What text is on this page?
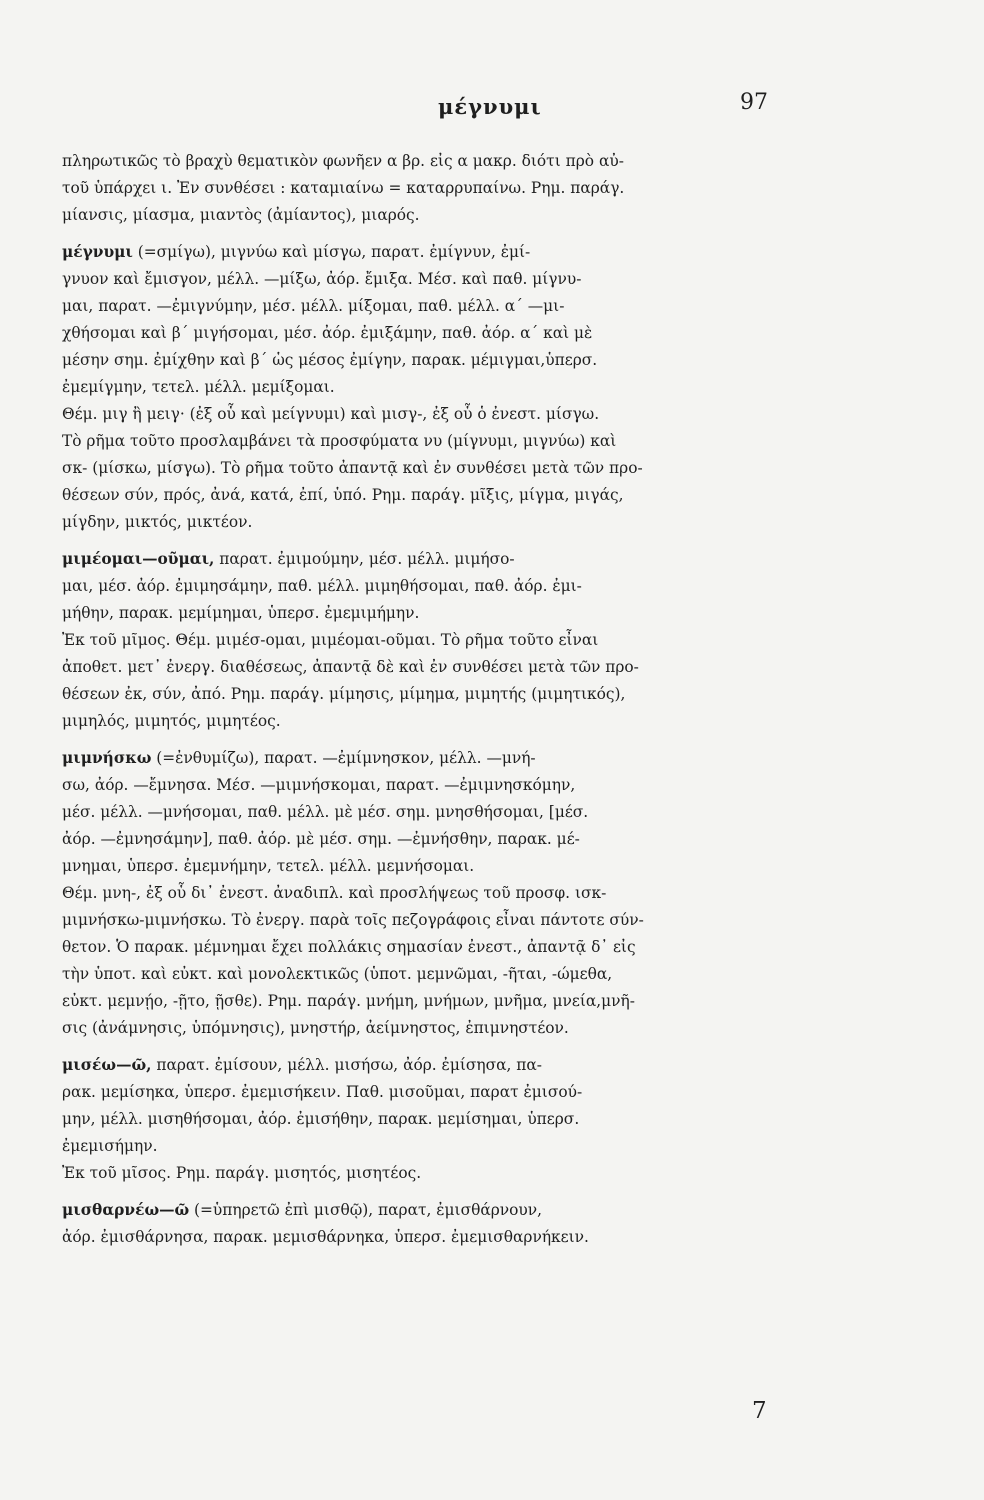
μέγνυμι	97
πληρωτικῶς τὸ βραχὺ θεματικὸν φωνῆεν α βρ. εἰς α μακρ. διότι πρὸ αὐ-
τοῦ ὑπάρχει ι. Ἐν συνθέσει : καταμιαίνω = καταρρυπαίνω. Ρημ. παράγ.
μίανσις, μίασμα, μιαντὸς (ἀμίαντος), μιαρός.
μέγνυμι (=σμίγω), μιγνύω καὶ μίσγω, παρατ. ἐμίγνυν, ἐμί-
γνυον καὶ ἔμισγον, μέλλ. —μίξω, ἀόρ. ἔμιξα. Μέσ. καὶ παθ. μίγνυ-
μαι, παρατ. —ἐμιγνύμην, μέσ. μέλλ. μίξομαι, παθ. μέλλ. α΄ —μι-
χθήσομαι καὶ β΄ μιγήσομαι, μέσ. ἀόρ. ἐμιξάμην, παθ. ἀόρ. α΄ καὶ μὲ
μέσην σημ. ἐμίχθην καὶ β΄ ὡς μέσος ἐμίγην, παρακ. μέμιγμαι,ὑπερσ.
ἐμεμίγμην, τετελ. μέλλ. μεμίξομαι.
Θέμ. μιγ ἢ μειγ· (ἐξ οὗ καὶ μείγνυμι) καὶ μισγ-, ἐξ οὗ ὁ ἐνεστ. μίσγω.
Τὸ ρῆμα τοῦτο προσλαμβάνει τὰ προσφύματα νυ (μίγνυμι, μιγνύω) καὶ
σκ- (μίσκω, μίσγω). Τὸ ρῆμα τοῦτο ἀπαντᾷ καὶ ἐν συνθέσει μετὰ τῶν προ-
θέσεων σύν, πρός, ἀνά, κατά, ἐπί, ὑπό. Ρημ. παράγ. μῖξις, μίγμα, μιγάς,
μίγδην, μικτός, μικτέον.
μιμέομαι—οῦμαι, παρατ. ἐμιμούμην, μέσ. μέλλ. μιμήσο-
μαι, μέσ. ἀόρ. ἐμιμησάμην, παθ. μέλλ. μιμηθήσομαι, παθ. ἀόρ. ἐμι-
μήθην, παρακ. μεμίμημαι, ὑπερσ. ἐμεμιμήμην.
Ἐκ τοῦ μῖμος. Θέμ. μιμέσ-ομαι, μιμέομαι-οῦμαι. Τὸ ρῆμα τοῦτο εἶναι
ἀποθετ. μετ᾽ ἐνεργ. διαθέσεως, ἀπαντᾷ δὲ καὶ ἐν συνθέσει μετὰ τῶν προ-
θέσεων ἐκ, σύν, ἀπό. Ρημ. παράγ. μίμησις, μίμημα, μιμητής (μιμητικός),
μιμηλός, μιμητός, μιμητέος.
μιμνήσκω (=ἐνθυμίζω), παρατ. —ἐμίμνησκον, μέλλ. —μνή-
σω, ἀόρ. —ἔμνησα. Μέσ. —μιμνήσκομαι, παρατ. —ἐμιμνησκόμην,
μέσ. μέλλ. —μνήσομαι, παθ. μέλλ. μὲ μέσ. σημ. μνησθήσομαι, [μέσ.
ἀόρ. —ἐμνησάμην], παθ. ἀόρ. μὲ μέσ. σημ. —ἐμνήσθην, παρακ. μέ-
μνημαι, ὑπερσ. ἐμεμνήμην, τετελ. μέλλ. μεμνήσομαι.
Θέμ. μνη-, ἐξ οὗ δι᾽ ἐνεστ. ἀναδιπλ. καὶ προσλήψεως τοῦ προσφ. ισκ-
μιμνήσκω-μιμνήσκω. Τὸ ἐνεργ. παρὰ τοῖς πεζογράφοις εἶναι πάντοτε σύν-
θετον. Ὁ παρακ. μέμνημαι ἔχει πολλάκις σημασίαν ἐνεστ., ἀπαντᾷ δ᾽ εἰς
τὴν ὑποτ. καὶ εὐκτ. καὶ μονολεκτικῶς (ὑποτ. μεμνῶμαι, -ῆται, -ώμεθα,
εὐκτ. μεμνῄο, -ῇτο, ῇσθε). Ρημ. παράγ. μνήμη, μνήμων, μνῆμα, μνεία,μνῆ-
σις (ἀνάμνησις, ὑπόμνησις), μνηστήρ, ἀείμνηστος, ἐπιμνηστέον.
μισέω—ῶ, παρατ. ἐμίσουν, μέλλ. μισήσω, ἀόρ. ἐμίσησα, πα-
ρακ. μεμίσηκα, ὑπερσ. ἐμεμισήκειν. Παθ. μισοῦμαι, παρατ ἐμισού-
μην, μέλλ. μισηθήσομαι, ἀόρ. ἐμισήθην, παρακ. μεμίσημαι, ὑπερσ.
ἐμεμισήμην.
Ἐκ τοῦ μῖσος. Ρημ. παράγ. μισητός, μισητέος.
μισθαρνέω—ῶ (=ὑπηρετῶ ἐπὶ μισθῷ), παρατ, ἐμισθάρνουν,
ἀόρ. ἐμισθάρνησα, παρακ. μεμισθάρνηκα, ὑπερσ. ἐμεμισθαρνήκειν.
7
